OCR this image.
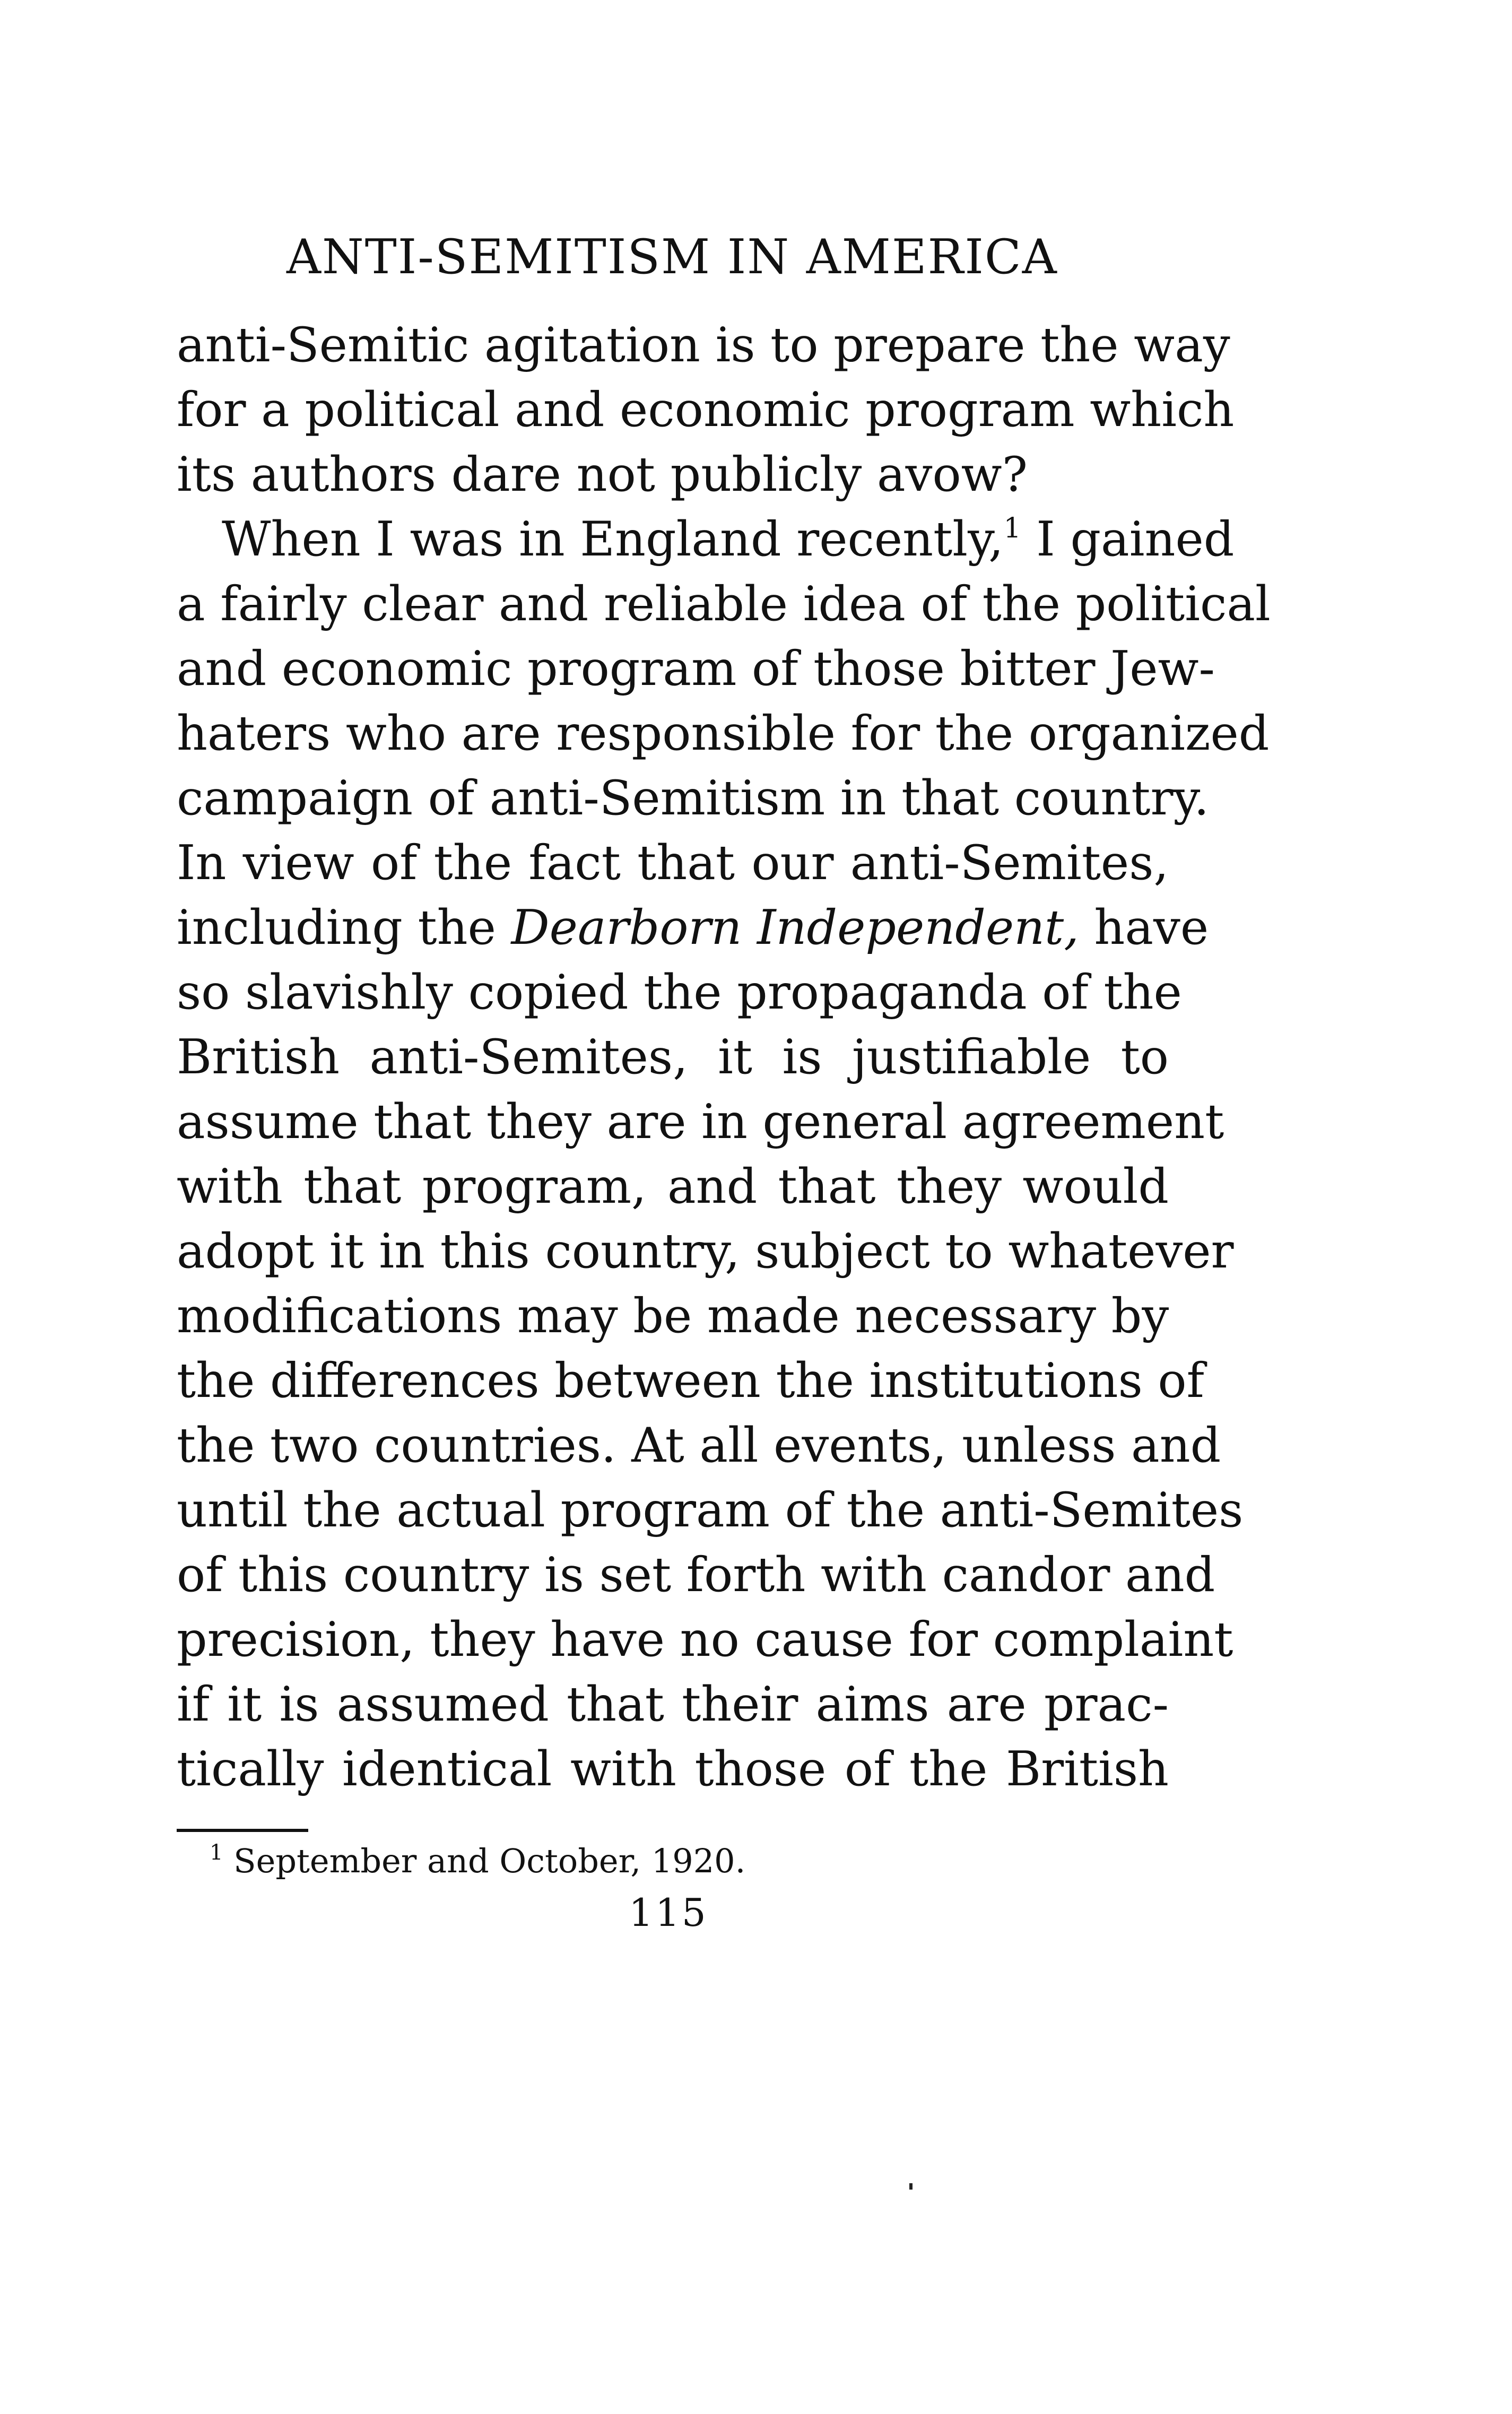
ANTI-SEMITISM IN AMERICA
anti-Semitic agitation is to prepare the way
for a political and economic program which
its authors dare not publicly avow?
When I was in England recently,$^1$ I gained
a fairly clear and reliable idea of the political
and economic program of those bitter Jew-
haters who are responsible for the organized
campaign of anti-Semitism in that country.
In view of the fact that our anti-Semites,
including the Dearborn Independent, have
so slavishly copied the propaganda of the
British anti-Semites, it is justifiable to
assume that they are in general agreement
with that program, and that they would
adopt it in this country, subject to whatever
modifications may be made necessary by
the differences between the institutions of
the two countries. At all events, unless and
until the actual program of the anti-Semites
of this country is set forth with candor and
precision, they have no cause for complaint
if it is assumed that their aims are prac-
tically identical with those of the British
$^1$ September and October, 1920.
115
